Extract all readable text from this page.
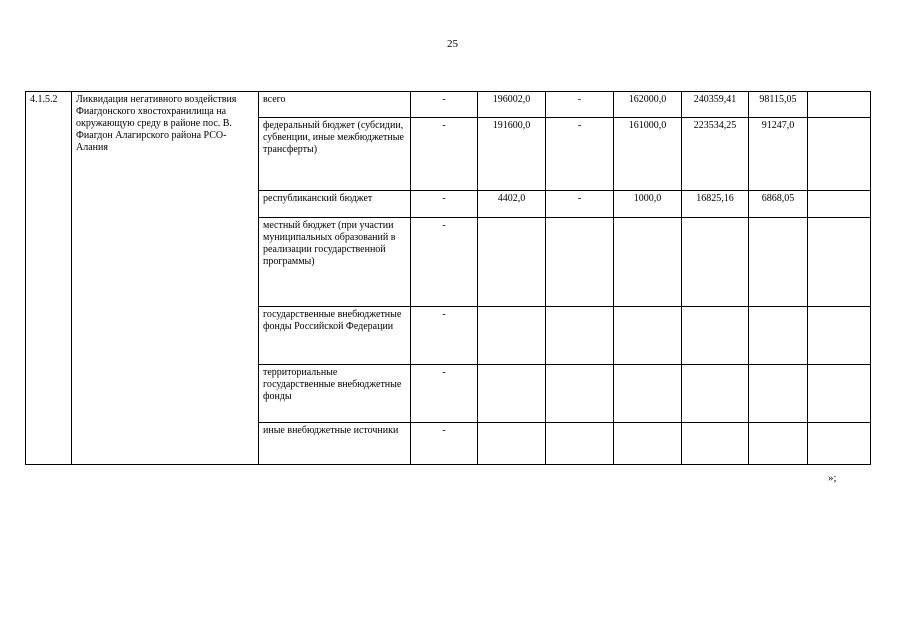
25
4.1.5.2	Ликвидация негативного воздействия Фиагдонского хвостохранилища на окружающую среду в районе пос. В. Фиагдон Алагирского района РСО-Алания	всего	-	196002,0	-	162000,0	240359,41	98115,05	
		федеральный бюджет (субсидии, субвенции, иные межбюджетные трансферты)	-	191600,0	-	161000,0	223534,25	91247,0	
		республиканский бюджет	-	4402,0	-	1000,0	16825,16	6868,05	
		местный бюджет (при участии муниципальных образований в реализации государственной программы)	-						
		государственные внебюджетные фонды Российской Федерации	-						
		территориальные государственные внебюджетные фонды	-						
		иные внебюджетные источники	-						
»;
